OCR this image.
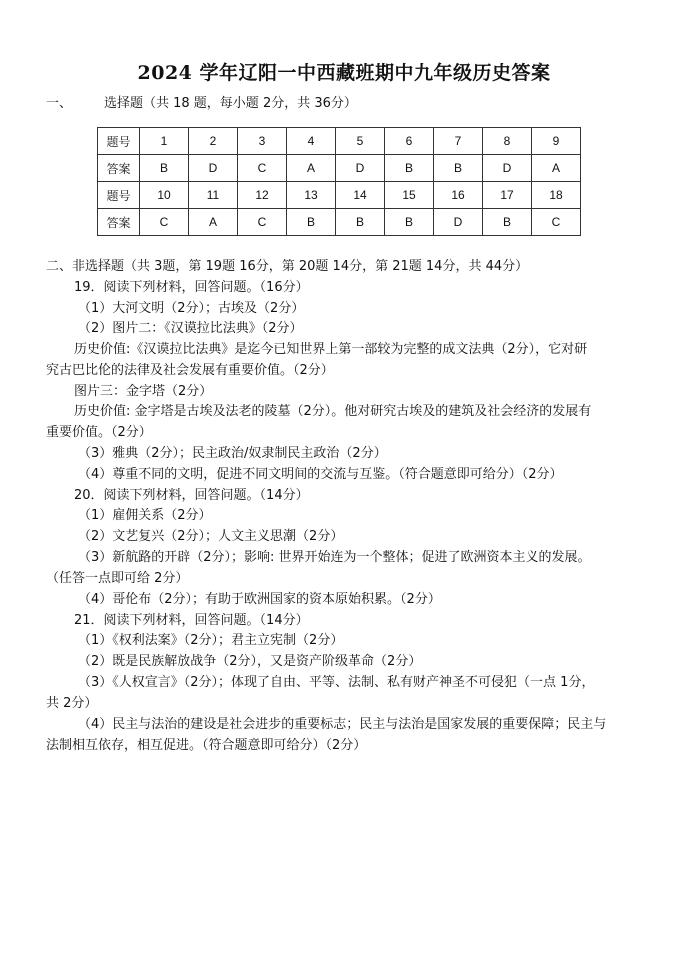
2024 学年辽阳一中西藏班期中九年级历史答案
一、 选择题（共 18 题，每小题 2分，共 36分）
题号	1	2	3	4	5	6	7	8	9
答案	B	D	C	A	D	B	B	D	A
题号	10	11	12	13	14	15	16	17	18
答案	C	A	C	B	B	B	D	B	C
二、非选择题（共 3题，第 19题 16分，第 20题 14分，第 21题 14分，共 44分）
19．阅读下列材料，回答问题。（16分）
（1）大河文明（2分）；古埃及（2分）
（2）图片二：《汉谟拉比法典》（2分）
历史价值:《汉谟拉比法典》是迄今已知世界上第一部较为完整的成文法典（2分），它对研
究古巴比伦的法律及社会发展有重要价值。（2分）
图片三：金字塔（2分）
历史价值: 金字塔是古埃及法老的陵墓（2分）。他对研究古埃及的建筑及社会经济的发展有
重要价值。（2分）
（3）雅典（2分）；民主政治/奴隶制民主政治（2分）
（4）尊重不同的文明，促进不同文明间的交流与互鉴。（符合题意即可给分）（2分）
20．阅读下列材料，回答问题。（14分）
（1）雇佣关系（2分）
（2）文艺复兴（2分）；人文主义思潮（2分）
（3）新航路的开辟（2分）；影响: 世界开始连为一个整体；促进了欧洲资本主义的发展。
（任答一点即可给 2分）
（4）哥伦布（2分）；有助于欧洲国家的资本原始积累。（2分）
21．阅读下列材料，回答问题。（14分）
（1）《权利法案》（2分）；君主立宪制（2分）
（2）既是民族解放战争（2分），又是资产阶级革命（2分）
（3）《人权宣言》（2分）；体现了自由、平等、法制、私有财产神圣不可侵犯（一点 1分，
共 2分）
（4）民主与法治的建设是社会进步的重要标志；民主与法治是国家发展的重要保障；民主与
法制相互依存，相互促进。（符合题意即可给分）（2分）
